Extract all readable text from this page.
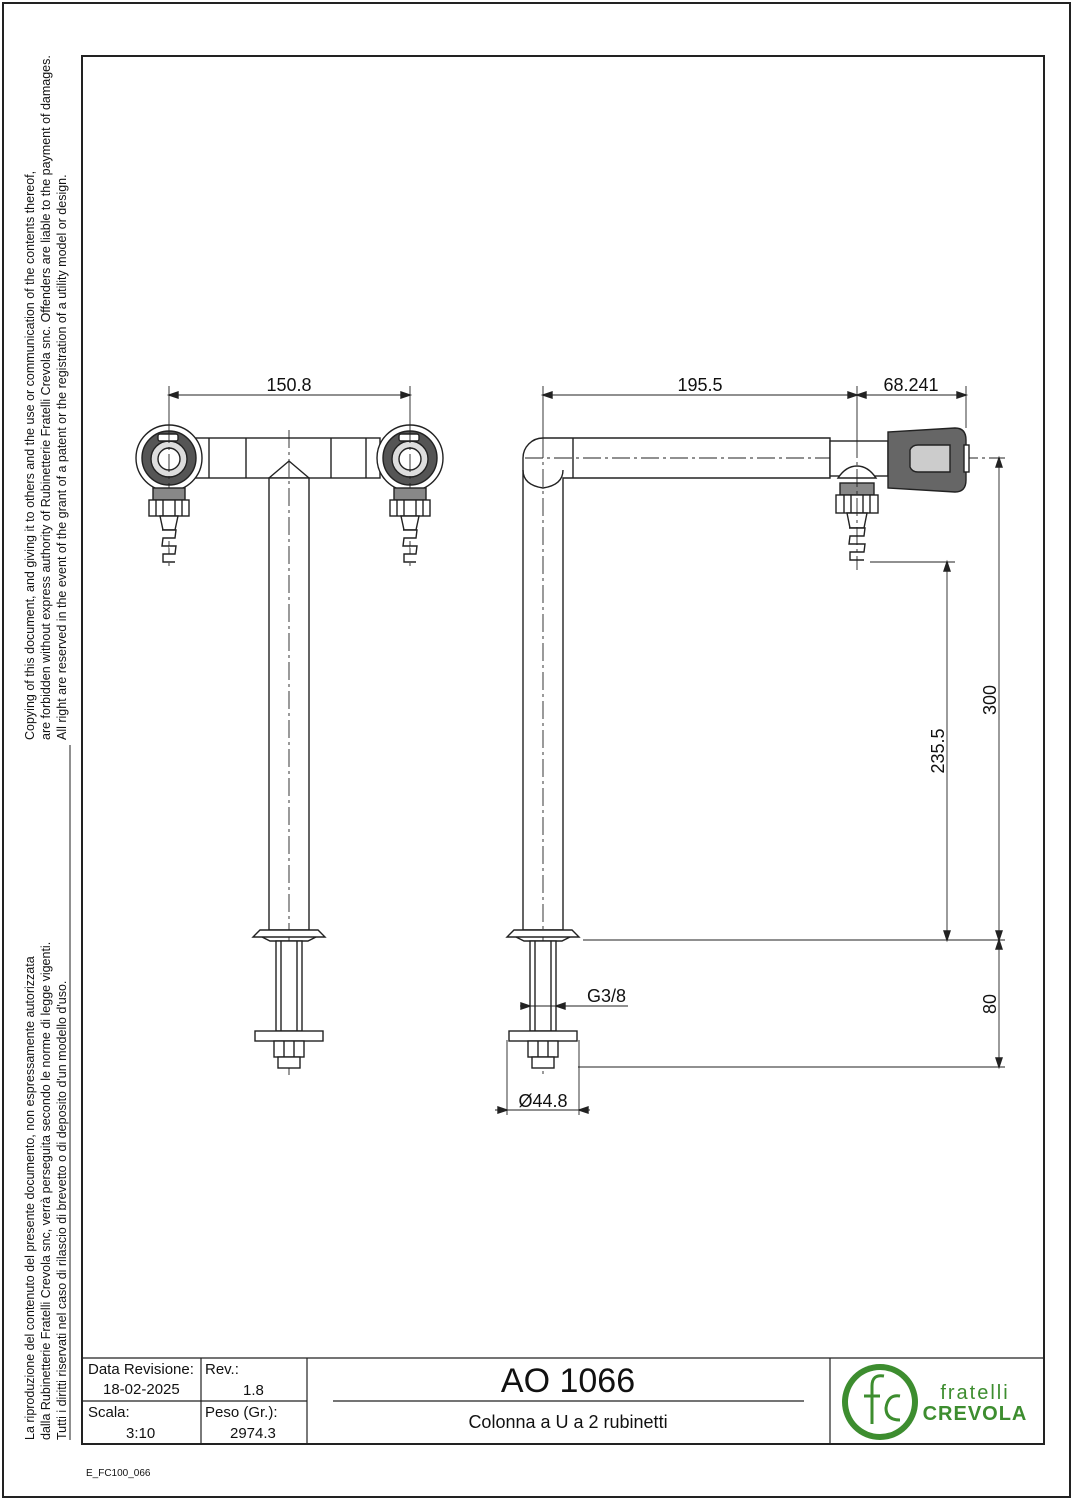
150.8	195.5	68.241
300
235.5
80
G3/8
Ø44.8
fratelli
CREVOLA
Copying of this document, and giving it to others and the use or communication of the contents thereof, are forbidden without express authority of Rubinetterie Fratelli Crevola snc. Offenders are liable to the payment of damages. All right are reserved in the event of the grant of a patent or the registration of a utility model or design.
La riproduzione del contenuto del presente documento, non espressamente autorizzata dalla Rubinetterie Fratelli Crevola snc, verrà perseguita secondo le norme di legge vigenti. Tutti i diritti riservati nel caso di rilascio di brevetto o di deposito d'un modello d'uso. Data Revisione:
18-02-2025
Rev.:
1.8
Scala:
3:10
Peso (Gr.):
2974.3
AO 1066
Colonna a U a 2 rubinetti
E_FC100_066
